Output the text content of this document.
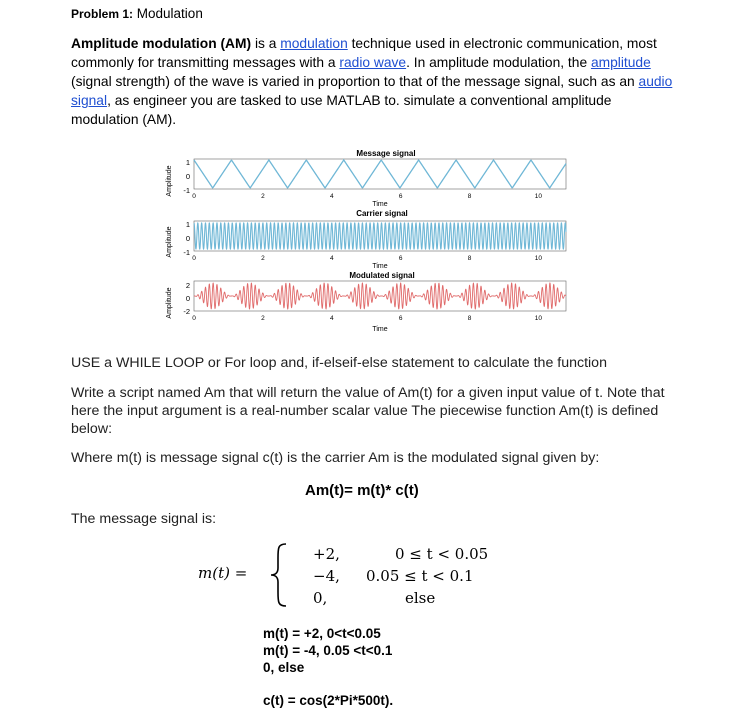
Problem 1: Modulation
Amplitude modulation (AM) is a modulation technique used in electronic communication, most commonly for transmitting messages with a radio wave. In amplitude modulation, the amplitude (signal strength) of the wave is varied in proportion to that of the message signal, such as an audio signal, as engineer you are tasked to use MATLAB to. simulate a conventional amplitude modulation (AM).
Message signal
Amplitude
1
0
-1
0	2	4	6	8	10
Time
Carrier signal
Amplitude
1
0
-1
0	2	4	6	8	10
Time
Modulated signal
Amplitude
2
0
-2
0	2	4	6	8	10
Time
USE a WHILE LOOP or For loop and, if-elseif-else statement to calculate the function
Write a script named Am that will return the value of Am(t) for a given input value of t. Note that here the input argument is a real-number scalar value The piecewise function Am(t) is defined below:
Where m(t) is message signal c(t) is the carrier Am is the modulated signal given by:
Am(t)= m(t)* c(t)
The message signal is:
m(t) =
+2,	0 ≤ t < 0.05
−4, 0.05 ≤ t < 0.1
0,	else
m(t) = +2, 0<t<0.05
m(t) = -4, 0.05 <t<0.1
0, else
c(t) = cos(2*Pi*500t).
